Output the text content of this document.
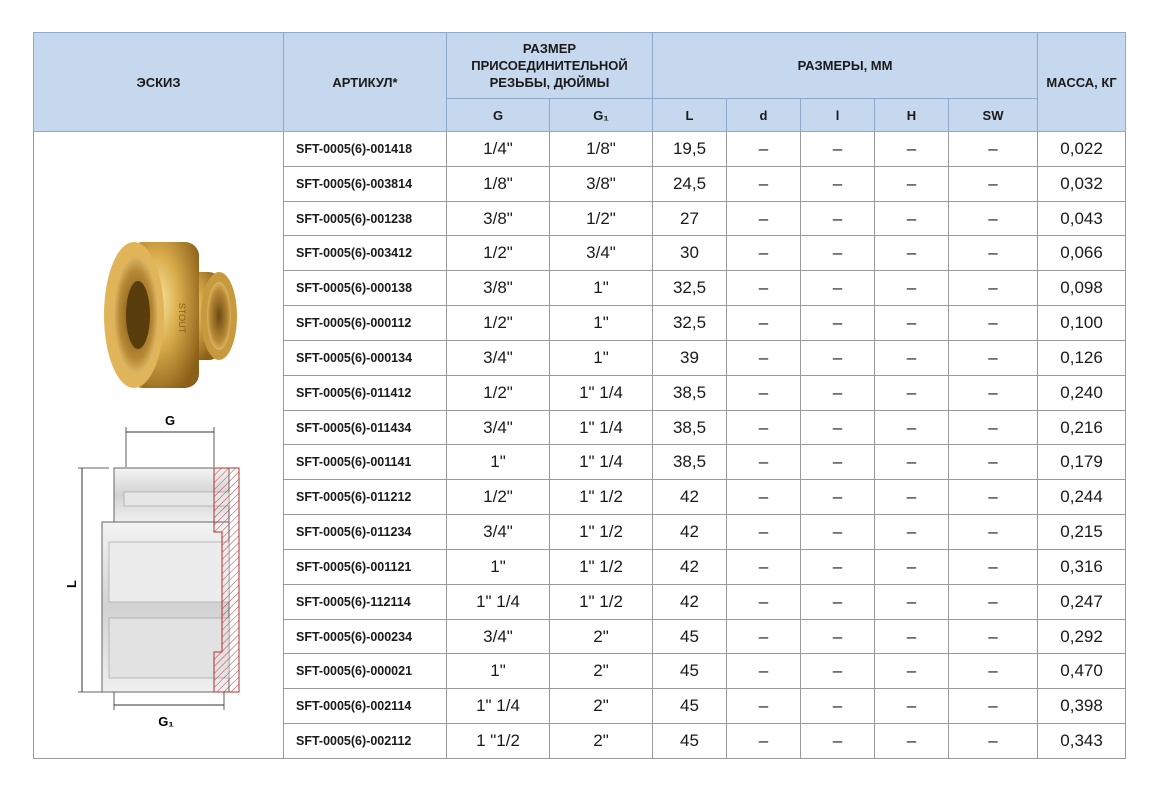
ЭСКИЗ	АРТИКУЛ*	РАЗМЕР ПРИСОЕДИНИТЕЛЬНОЙ РЕЗЬБЫ, ДЮЙМЫ		РАЗМЕРЫ, ММ					МАССА, КГ
		G	G₁	L	d	l	H	SW	

STOUT
G
L
G₁	SFT-0005(6)-001418	1/4"	1/8"	19,5	–	–	–	–	0,022
	SFT-0005(6)-003814	1/8"	3/8"	24,5	–	–	–	–	0,032
	SFT-0005(6)-001238	3/8"	1/2"	27	–	–	–	–	0,043
	SFT-0005(6)-003412	1/2"	3/4"	30	–	–	–	–	0,066
	SFT-0005(6)-000138	3/8"	1"	32,5	–	–	–	–	0,098
	SFT-0005(6)-000112	1/2"	1"	32,5	–	–	–	–	0,100
	SFT-0005(6)-000134	3/4"	1"	39	–	–	–	–	0,126
	SFT-0005(6)-011412	1/2"	1" 1/4	38,5	–	–	–	–	0,240
	SFT-0005(6)-011434	3/4"	1" 1/4	38,5	–	–	–	–	0,216
	SFT-0005(6)-001141	1"	1" 1/4	38,5	–	–	–	–	0,179
	SFT-0005(6)-011212	1/2"	1" 1/2	42	–	–	–	–	0,244
	SFT-0005(6)-011234	3/4"	1" 1/2	42	–	–	–	–	0,215
	SFT-0005(6)-001121	1"	1" 1/2	42	–	–	–	–	0,316
	SFT-0005(6)-112114	1" 1/4	1" 1/2	42	–	–	–	–	0,247
	SFT-0005(6)-000234	3/4"	2"	45	–	–	–	–	0,292
	SFT-0005(6)-000021	1"	2"	45	–	–	–	–	0,470
	SFT-0005(6)-002114	1" 1/4	2"	45	–	–	–	–	0,398
	SFT-0005(6)-002112	1 "1/2	2"	45	–	–	–	–	0,343
